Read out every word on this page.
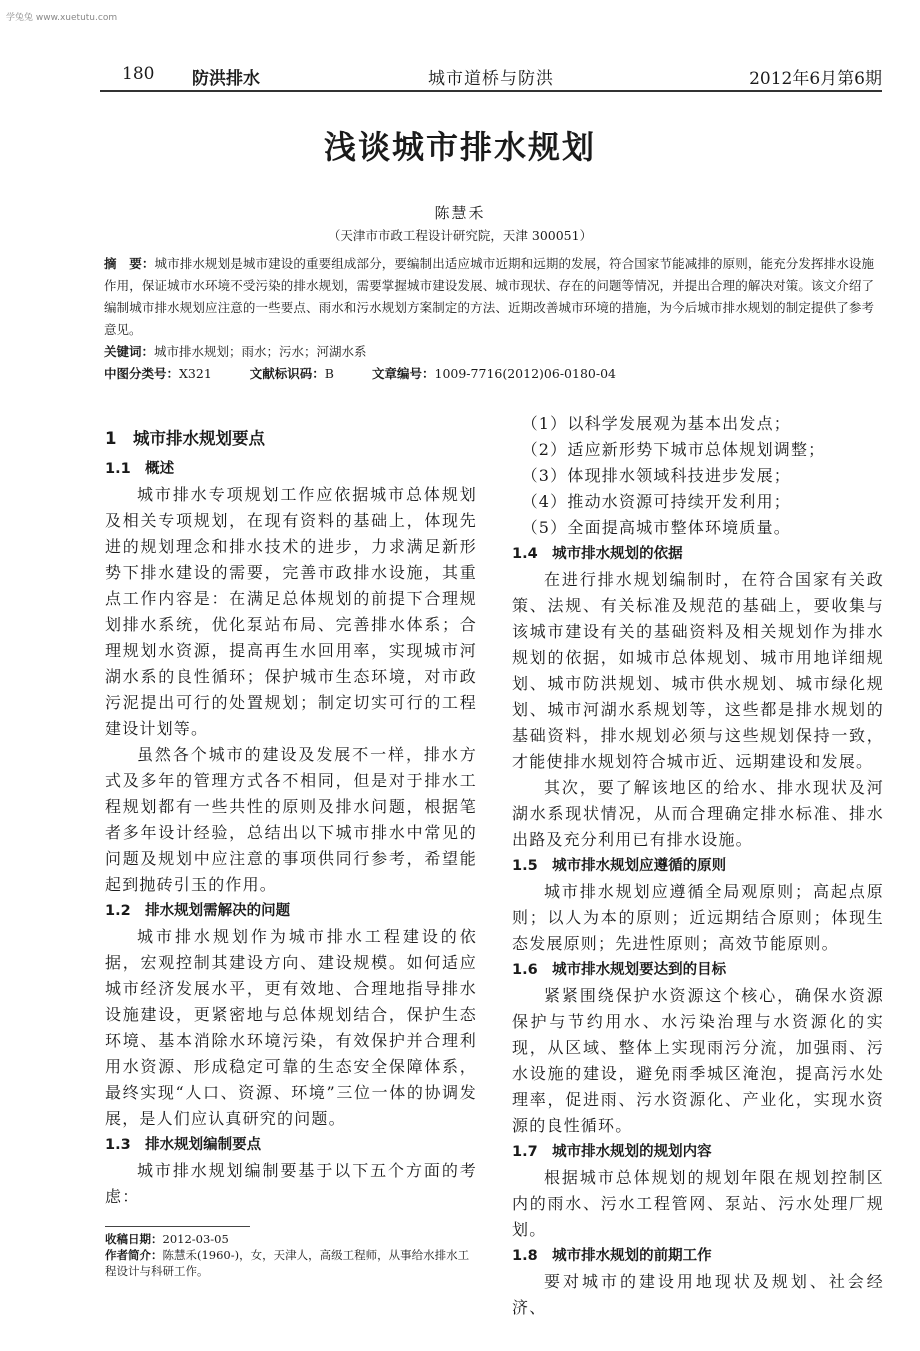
学兔兔 www.xuetutu.com
180 防洪排水	城市道桥与防洪	2012年6月第6期
浅谈城市排水规划
陈慧禾
（天津市市政工程设计研究院，天津 300051）
摘　要：城市排水规划是城市建设的重要组成部分，要编制出适应城市近期和远期的发展，符合国家节能减排的原则，能充分发挥排水设施作用，保证城市水环境不受污染的排水规划，需要掌握城市建设发展、城市现状、存在的问题等情况，并提出合理的解决对策。该文介绍了编制城市排水规划应注意的一些要点、雨水和污水规划方案制定的方法、近期改善城市环境的措施，为今后城市排水规划的制定提供了参考意见。
关键词：城市排水规划；雨水；污水；河湖水系
中图分类号：X321	文献标识码：B	文章编号：1009-7716(2012)06-0180-04
1　城市排水规划要点
1.1　概述
城市排水专项规划工作应依据城市总体规划及相关专项规划，在现有资料的基础上，体现先进的规划理念和排水技术的进步，力求满足新形势下排水建设的需要，完善市政排水设施，其重点工作内容是：在满足总体规划的前提下合理规划排水系统，优化泵站布局、完善排水体系；合理规划水资源，提高再生水回用率，实现城市河湖水系的良性循环；保护城市生态环境，对市政污泥提出可行的处置规划；制定切实可行的工程建设计划等。
虽然各个城市的建设及发展不一样，排水方式及多年的管理方式各不相同，但是对于排水工程规划都有一些共性的原则及排水问题，根据笔者多年设计经验，总结出以下城市排水中常见的问题及规划中应注意的事项供同行参考，希望能起到抛砖引玉的作用。
1.2　排水规划需解决的问题
城市排水规划作为城市排水工程建设的依据，宏观控制其建设方向、建设规模。如何适应城市经济发展水平，更有效地、合理地指导排水设施建设，更紧密地与总体规划结合，保护生态环境、基本消除水环境污染，有效保护并合理利用水资源、形成稳定可靠的生态安全保障体系，最终实现“人口、资源、环境”三位一体的协调发展，是人们应认真研究的问题。
1.3　排水规划编制要点
城市排水规划编制要基于以下五个方面的考虑：
收稿日期：2012-03-05
作者简介：陈慧禾(1960-)，女，天津人，高级工程师，从事给水排水工程设计与科研工作。
（1）以科学发展观为基本出发点；
（2）适应新形势下城市总体规划调整；
（3）体现排水领域科技进步发展；
（4）推动水资源可持续开发利用；
（5）全面提高城市整体环境质量。
1.4　城市排水规划的依据
在进行排水规划编制时，在符合国家有关政策、法规、有关标准及规范的基础上，要收集与该城市建设有关的基础资料及相关规划作为排水规划的依据，如城市总体规划、城市用地详细规划、城市防洪规划、城市供水规划、城市绿化规划、城市河湖水系规划等，这些都是排水规划的基础资料，排水规划必须与这些规划保持一致，才能使排水规划符合城市近、远期建设和发展。
其次，要了解该地区的给水、排水现状及河湖水系现状情况，从而合理确定排水标准、排水出路及充分利用已有排水设施。
1.5　城市排水规划应遵循的原则
城市排水规划应遵循全局观原则；高起点原则；以人为本的原则；近远期结合原则；体现生态发展原则；先进性原则；高效节能原则。
1.6　城市排水规划要达到的目标
紧紧围绕保护水资源这个核心，确保水资源保护与节约用水、水污染治理与水资源化的实现，从区域、整体上实现雨污分流，加强雨、污水设施的建设，避免雨季城区淹泡，提高污水处理率，促进雨、污水资源化、产业化，实现水资源的良性循环。
1.7　城市排水规划的规划内容
根据城市总体规划的规划年限在规划控制区内的雨水、污水工程管网、泵站、污水处理厂规划。
1.8　城市排水规划的前期工作
要对城市的建设用地现状及规划、社会经济、
